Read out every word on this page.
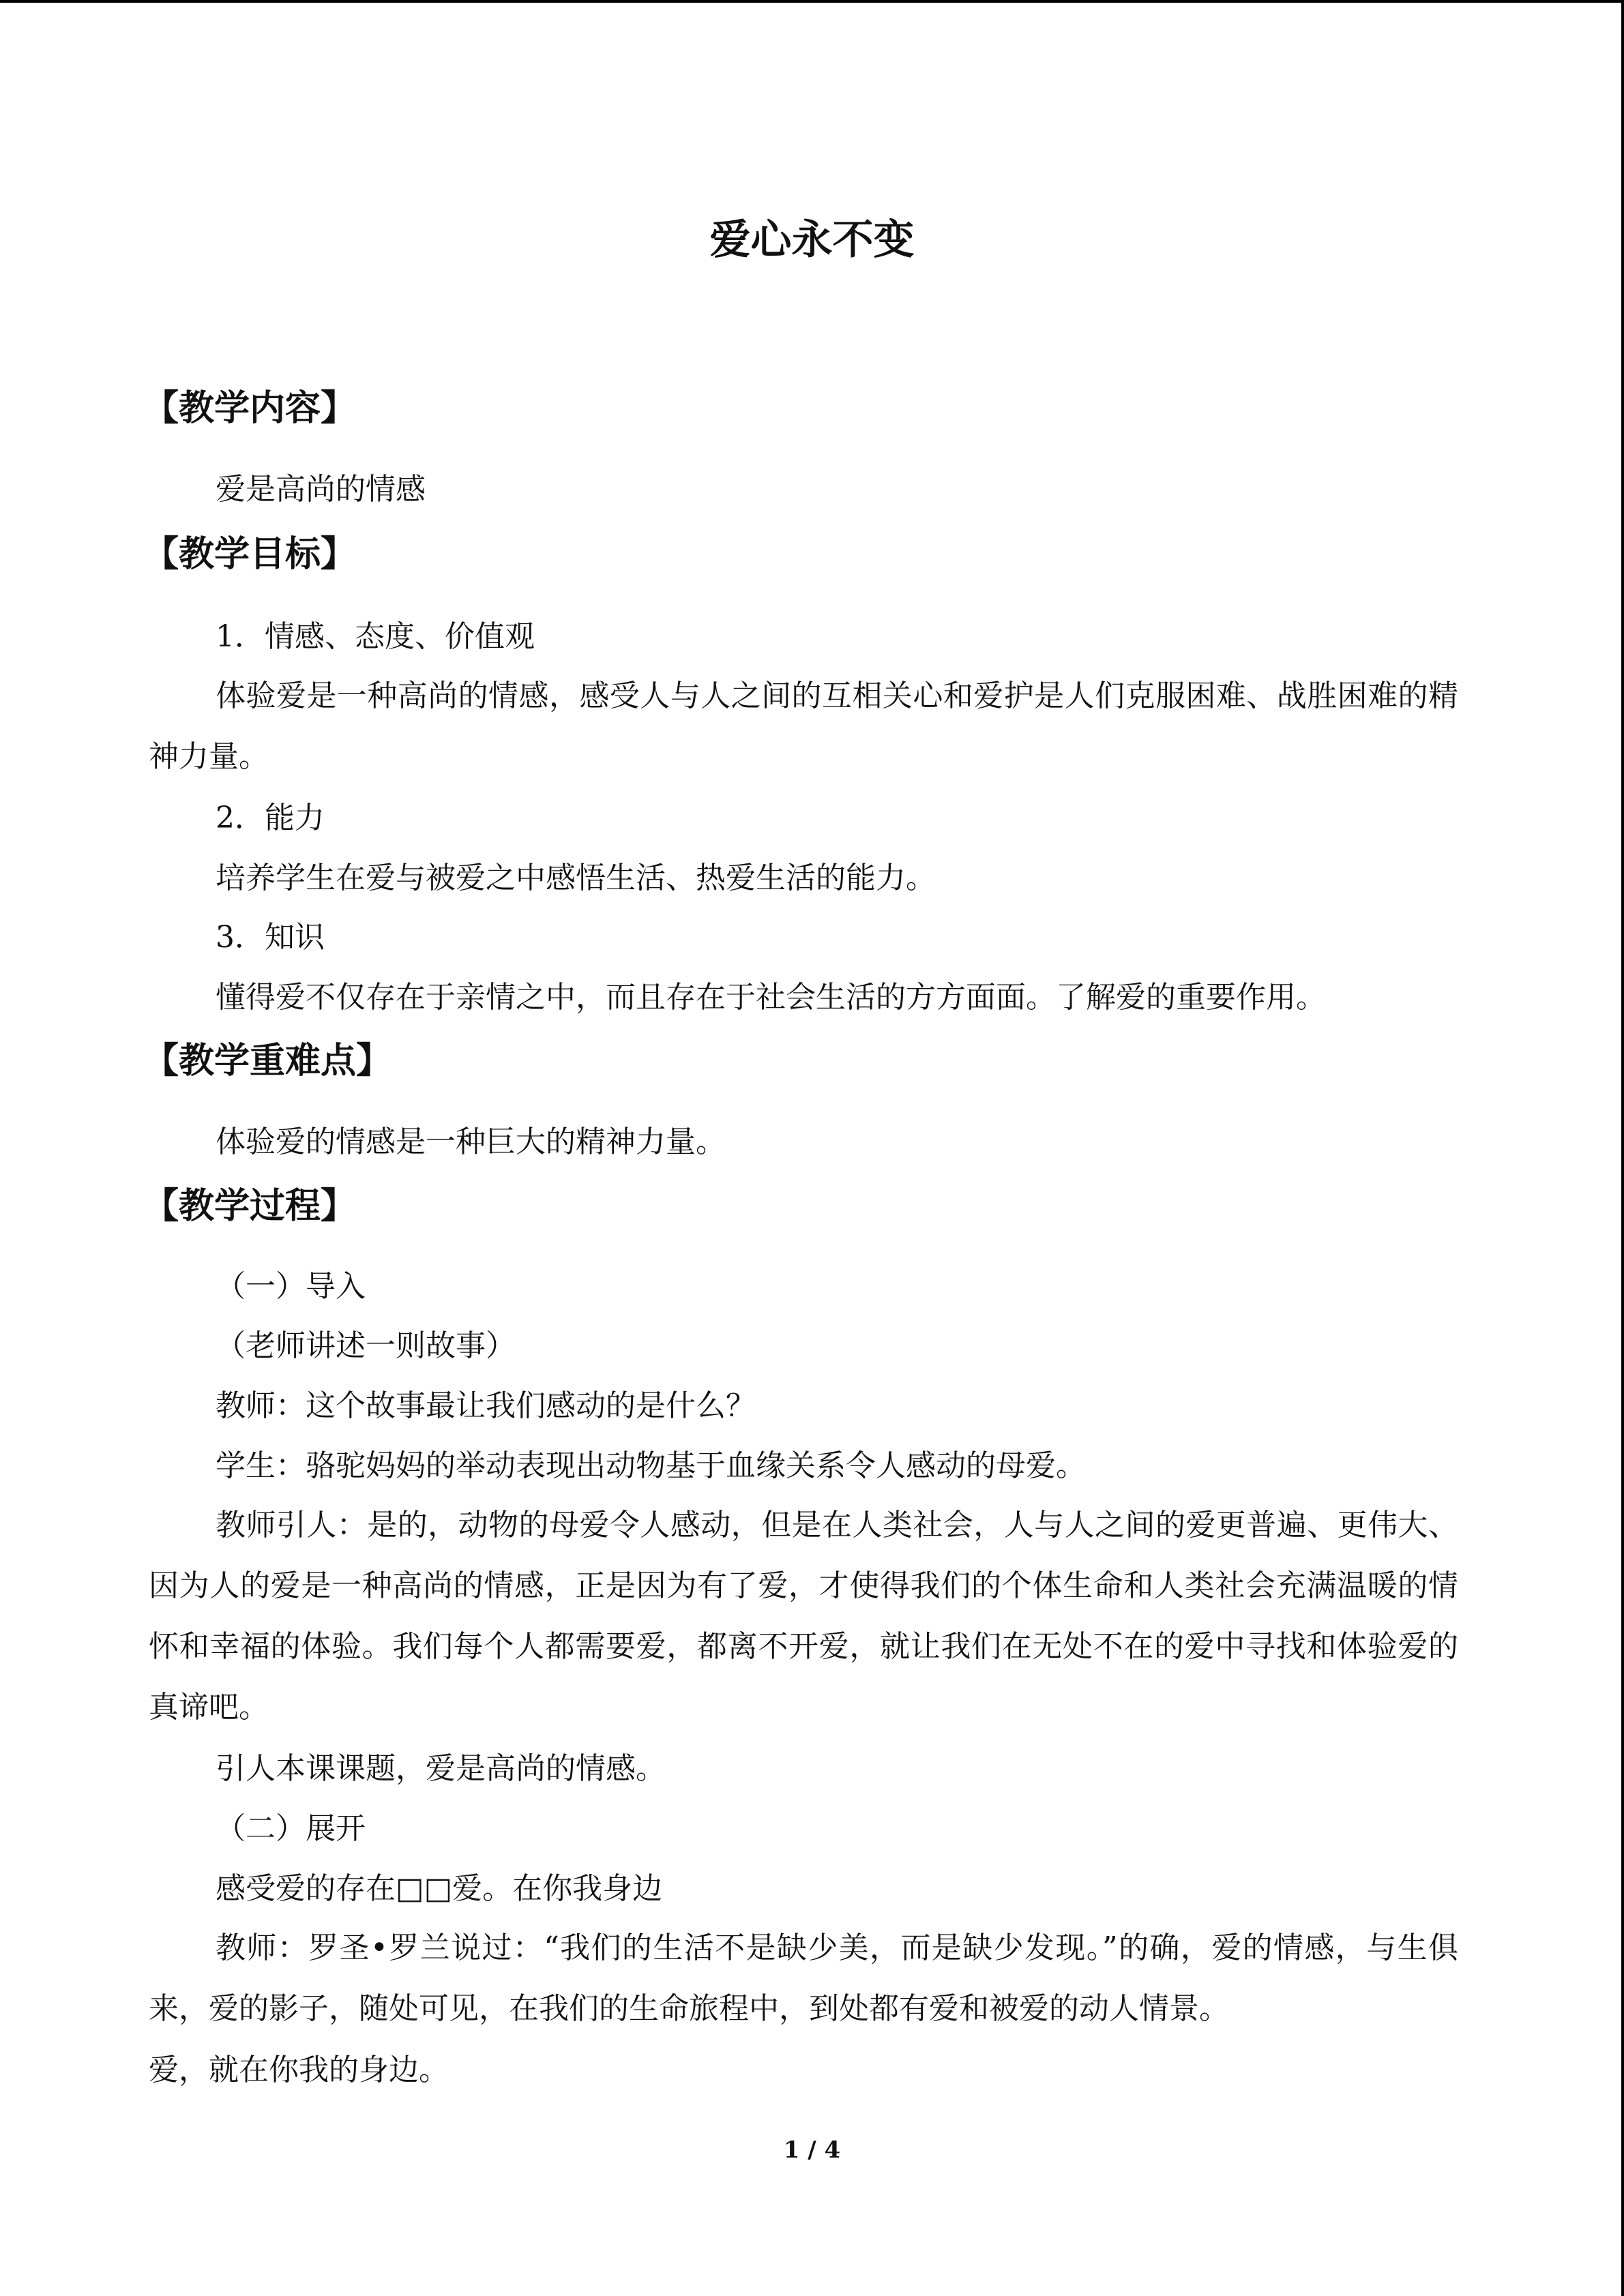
爱心永不变
【教学内容】
爱是高尚的情感
【教学目标】
1．情感、态度、价值观
体验爱是一种高尚的情感，感受人与人之间的互相关心和爱护是人们克服困难、战胜困难的精神力量。
2．能力
培养学生在爱与被爱之中感悟生活、热爱生活的能力。
3．知识
懂得爱不仅存在于亲情之中，而且存在于社会生活的方方面面。了解爱的重要作用。
【教学重难点】
体验爱的情感是一种巨大的精神力量。
【教学过程】
（一）导入
（老师讲述一则故事）
教师：这个故事最让我们感动的是什么？
学生：骆驼妈妈的举动表现出动物基于血缘关系令人感动的母爱。
教师引人：是的，动物的母爱令人感动，但是在人类社会，人与人之间的爱更普遍、更伟大、因为人的爱是一种高尚的情感，正是因为有了爱，才使得我们的个体生命和人类社会充满温暖的情怀和幸福的体验。我们每个人都需要爱，都离不开爱，就让我们在无处不在的爱中寻找和体验爱的真谛吧。
引人本课课题，爱是高尚的情感。
（二）展开
感受爱的存在□□爱。在你我身边
教师：罗圣•罗兰说过：“我们的生活不是缺少美，而是缺少发现。”的确，爱的情感，与生俱来，爱的影子，随处可见，在我们的生命旅程中，到处都有爱和被爱的动人情景。
爱，就在你我的身边。
1 / 4
